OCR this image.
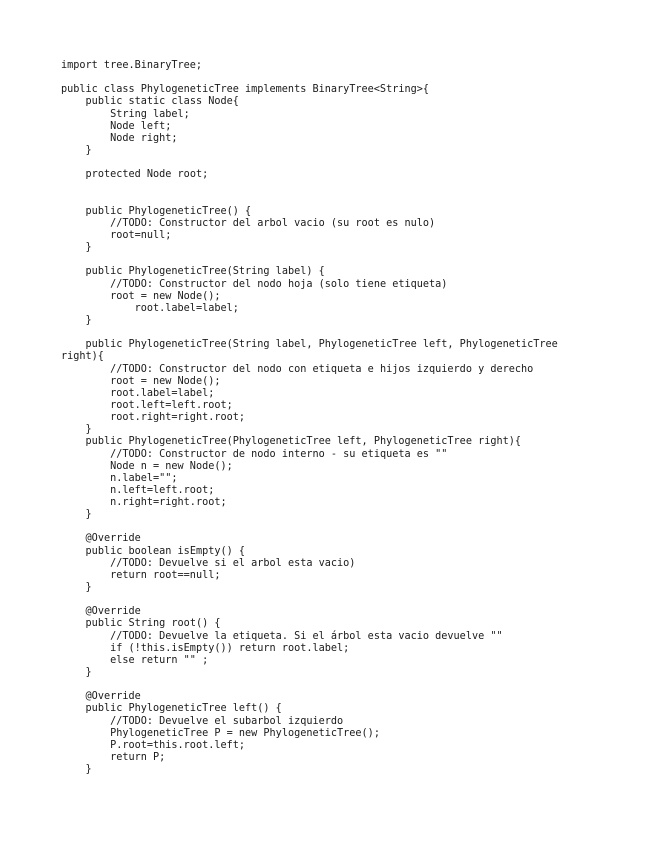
import tree.BinaryTree;

public class PhylogeneticTree implements BinaryTree<String>{
	public static class Node{
		String label;
		Node left;
		Node right;
	}

	protected Node root;

	public PhylogeneticTree() {
		//TODO: Constructor del arbol vacio (su root es nulo)
		root=null;
	}

	public PhylogeneticTree(String label) {
		//TODO: Constructor del nodo hoja (solo tiene etiqueta)
		root = new Node();
			root.label=label;
	}

	public PhylogeneticTree(String label, PhylogeneticTree left, PhylogeneticTree
right){
		//TODO: Constructor del nodo con etiqueta e hijos izquierdo y derecho
		root = new Node();
		root.label=label;
		root.left=left.root;
		root.right=right.root;
	}
	public PhylogeneticTree(PhylogeneticTree left, PhylogeneticTree right){
		//TODO: Constructor de nodo interno - su etiqueta es ""
		Node n = new Node();
		n.label="";
		n.left=left.root;
		n.right=right.root;
	}

	@Override
	public boolean isEmpty() {
		//TODO: Devuelve si el arbol esta vacio)
		return root==null;
	}

	@Override
	public String root() {
		//TODO: Devuelve la etiqueta. Si el árbol esta vacio devuelve ""
		if (!this.isEmpty()) return root.label;
		else return "" ;
	}

	@Override
	public PhylogeneticTree left() {
		//TODO: Devuelve el subarbol izquierdo
		PhylogeneticTree P = new PhylogeneticTree();
		P.root=this.root.left;
		return P;
	}
